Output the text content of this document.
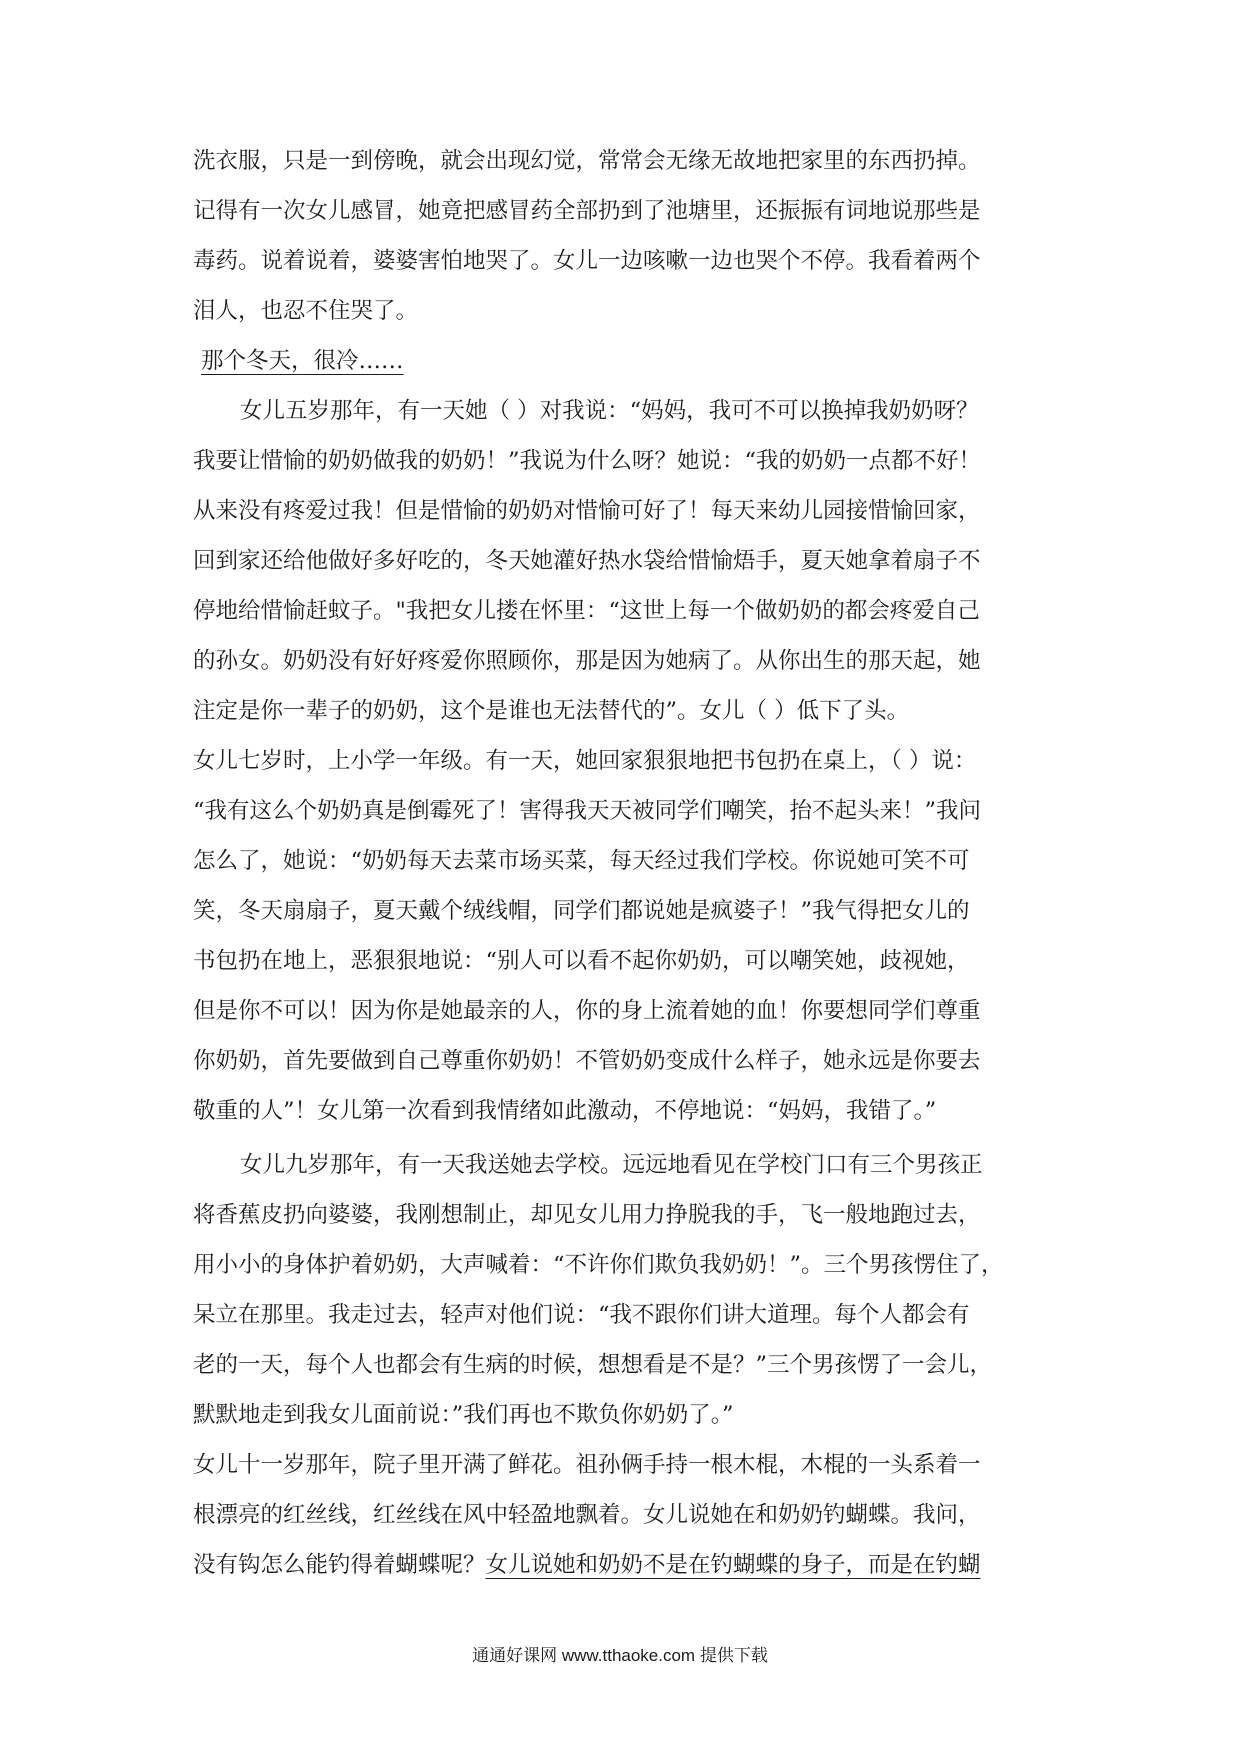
洗衣服，只是一到傍晚，就会出现幻觉，常常会无缘无故地把家里的东西扔掉。
记得有一次女儿感冒，她竟把感冒药全部扔到了池塘里，还振振有词地说那些是
毒药。说着说着，婆婆害怕地哭了。女儿一边咳嗽一边也哭个不停。我看着两个
泪人，也忍不住哭了。
那个冬天，很冷……
女儿五岁那年，有一天她（ ）对我说：“妈妈，我可不可以换掉我奶奶呀？
我要让惜愉的奶奶做我的奶奶！”我说为什么呀？她说：“我的奶奶一点都不好！
从来没有疼爱过我！但是惜愉的奶奶对惜愉可好了！每天来幼儿园接惜愉回家，
回到家还给他做好多好吃的，冬天她灌好热水袋给惜愉焐手，夏天她拿着扇子不
停地给惜愉赶蚊子。"我把女儿搂在怀里：“这世上每一个做奶奶的都会疼爱自己
的孙女。奶奶没有好好疼爱你照顾你，那是因为她病了。从你出生的那天起，她
注定是你一辈子的奶奶，这个是谁也无法替代的”。女儿（ ）低下了头。
女儿七岁时，上小学一年级。有一天，她回家狠狠地把书包扔在桌上，（ ）说：
“我有这么个奶奶真是倒霉死了！害得我天天被同学们嘲笑，抬不起头来！”我问
怎么了，她说：“奶奶每天去菜市场买菜，每天经过我们学校。你说她可笑不可
笑，冬天扇扇子，夏天戴个绒线帽，同学们都说她是疯婆子！”我气得把女儿的
书包扔在地上，恶狠狠地说：“别人可以看不起你奶奶，可以嘲笑她，歧视她，
但是你不可以！因为你是她最亲的人，你的身上流着她的血！你要想同学们尊重
你奶奶，首先要做到自己尊重你奶奶！不管奶奶变成什么样子，她永远是你要去
敬重的人”！女儿第一次看到我情绪如此激动，不停地说：“妈妈，我错了。”
女儿九岁那年，有一天我送她去学校。远远地看见在学校门口有三个男孩正
将香蕉皮扔向婆婆，我刚想制止，却见女儿用力挣脱我的手，飞一般地跑过去，
用小小的身体护着奶奶，大声喊着：“不许你们欺负我奶奶！”。三个男孩愣住了，
呆立在那里。我走过去，轻声对他们说：“我不跟你们讲大道理。每个人都会有
老的一天，每个人也都会有生病的时候，想想看是不是？”三个男孩愣了一会儿，
默默地走到我女儿面前说：”我们再也不欺负你奶奶了。”
女儿十一岁那年，院子里开满了鲜花。祖孙俩手持一根木棍，木棍的一头系着一
根漂亮的红丝线，红丝线在风中轻盈地飘着。女儿说她在和奶奶钓蝴蝶。我问，
没有钩怎么能钓得着蝴蝶呢？女儿说她和奶奶不是在钓蝴蝶的身子，而是在钓蝴
通通好课网 www.tthaoke.com 提供下载
